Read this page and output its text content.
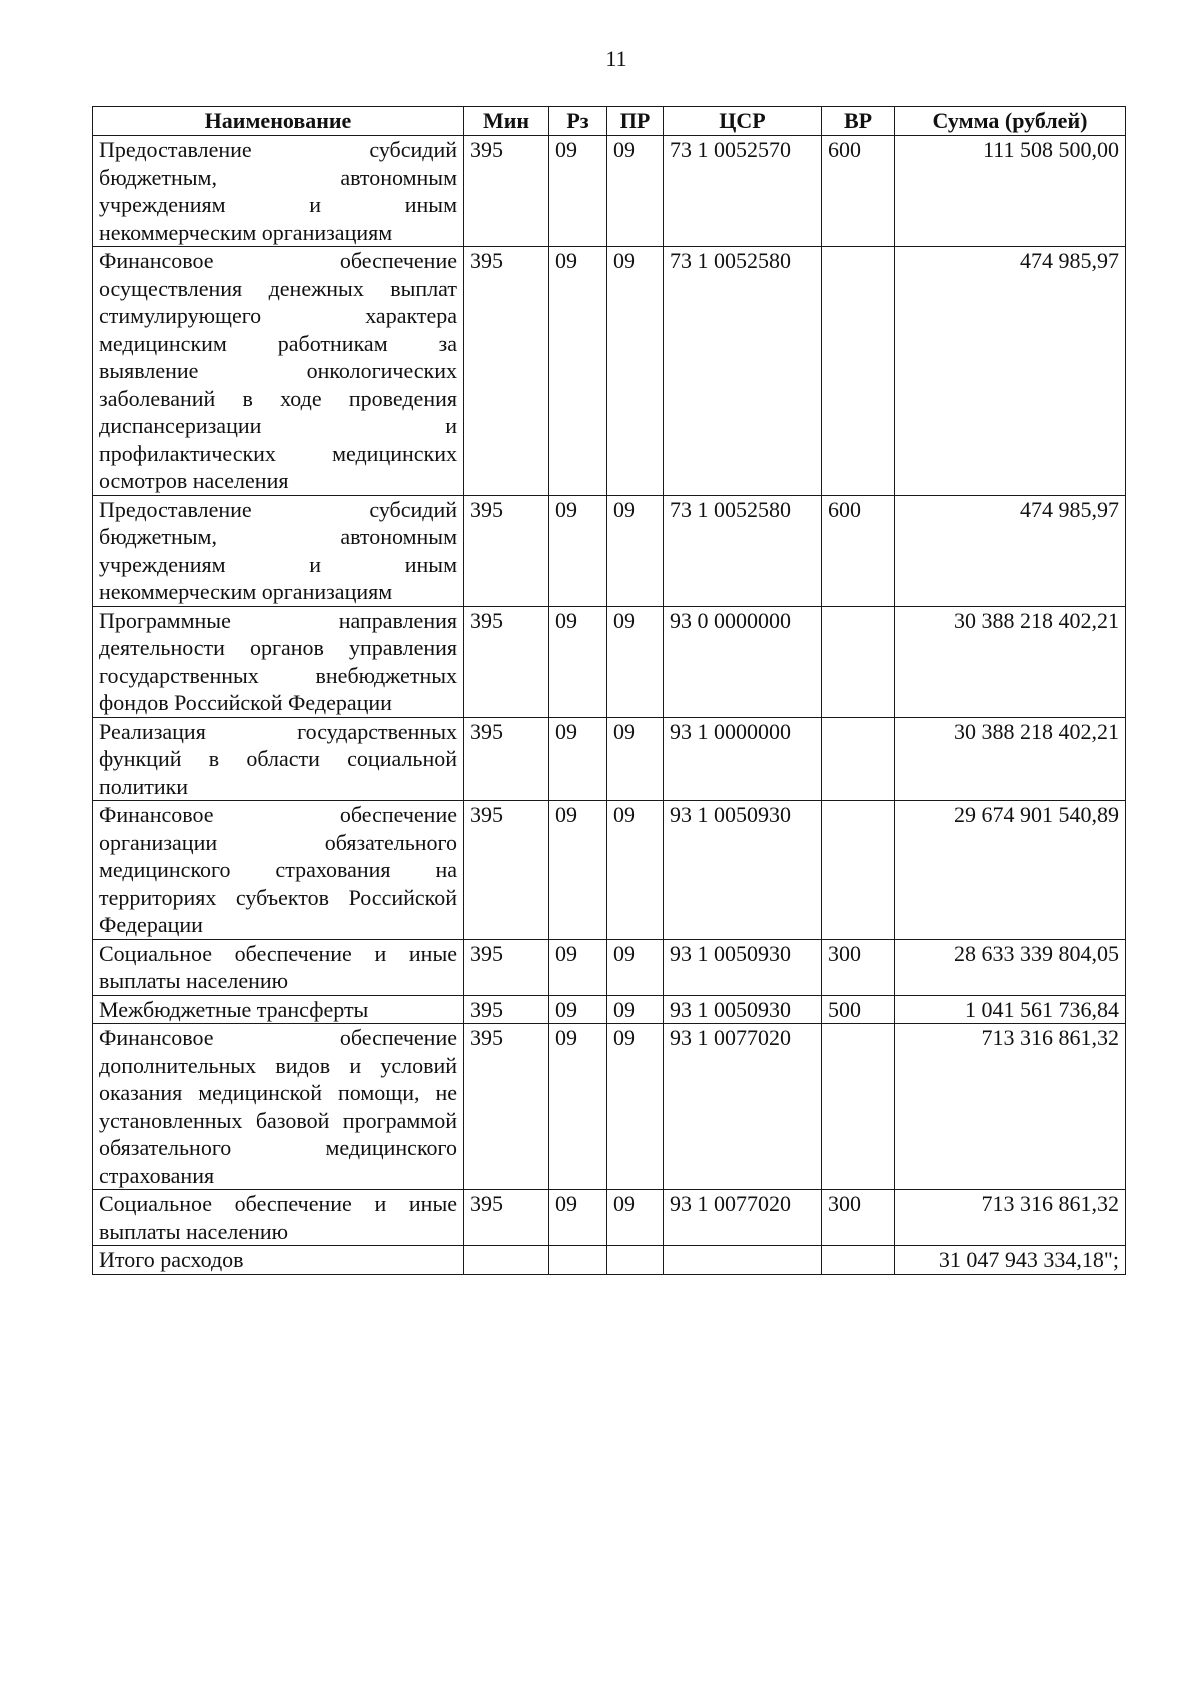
11
Наименование	Мин	Рз	ПР	ЦСР	ВР	Сумма (рублей)
Предоставление субсидий бюджетным, автономным учреждениям и иным некоммерческим организациям	395	09	09	73 1 0052570	600	111 508 500,00
Финансовое обеспечение осуществления денежных выплат стимулирующего характера медицинским работникам за выявление онкологических заболеваний в ходе проведения диспансеризации и профилактических медицинских осмотров населения	395	09	09	73 1 0052580		474 985,97
Предоставление субсидий бюджетным, автономным учреждениям и иным некоммерческим организациям	395	09	09	73 1 0052580	600	474 985,97
Программные направления деятельности органов управления государственных внебюджетных фондов Российской Федерации	395	09	09	93 0 0000000		30 388 218 402,21
Реализация государственных функций в области социальной политики	395	09	09	93 1 0000000		30 388 218 402,21
Финансовое обеспечение организации обязательного медицинского страхования на территориях субъектов Российской Федерации	395	09	09	93 1 0050930		29 674 901 540,89
Социальное обеспечение и иные выплаты населению	395	09	09	93 1 0050930	300	28 633 339 804,05
Межбюджетные трансферты	395	09	09	93 1 0050930	500	1 041 561 736,84
Финансовое обеспечение дополнительных видов и условий оказания медицинской помощи, не установленных базовой программой обязательного медицинского страхования	395	09	09	93 1 0077020		713 316 861,32
Социальное обеспечение и иные выплаты населению	395	09	09	93 1 0077020	300	713 316 861,32
Итого расходов						31 047 943 334,18";
